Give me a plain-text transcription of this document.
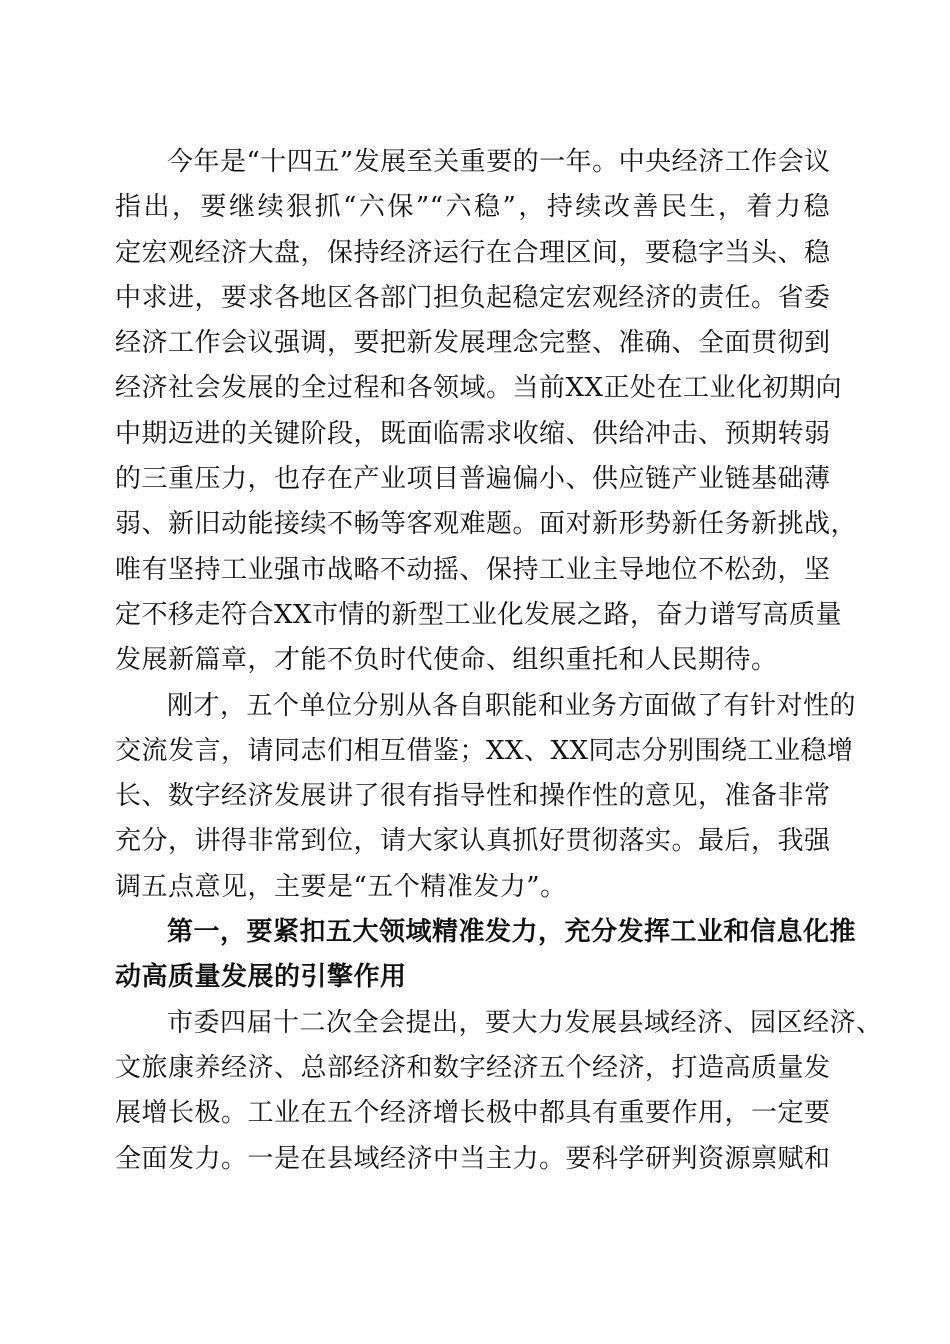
今年是“十四五”发展至关重要的一年。中央经济工作会议
指出，要继续狠抓“六保”“六稳”，持续改善民生，着力稳
定宏观经济大盘，保持经济运行在合理区间，要稳字当头、稳
中求进，要求各地区各部门担负起稳定宏观经济的责任。省委
经济工作会议强调，要把新发展理念完整、准确、全面贯彻到
经济社会发展的全过程和各领域。当前XX正处在工业化初期向
中期迈进的关键阶段，既面临需求收缩、供给冲击、预期转弱
的三重压力，也存在产业项目普遍偏小、供应链产业链基础薄
弱、新旧动能接续不畅等客观难题。面对新形势新任务新挑战，
唯有坚持工业强市战略不动摇、保持工业主导地位不松劲，坚
定不移走符合XX市情的新型工业化发展之路，奋力谱写高质量
发展新篇章，才能不负时代使命、组织重托和人民期待。

刚才，五个单位分别从各自职能和业务方面做了有针对性的
交流发言，请同志们相互借鉴；XX、XX同志分别围绕工业稳增
长、数字经济发展讲了很有指导性和操作性的意见，准备非常
充分，讲得非常到位，请大家认真抓好贯彻落实。最后，我强
调五点意见，主要是“五个精准发力”。

第一，要紧扣五大领域精准发力，充分发挥工业和信息化推
动高质量发展的引擎作用

市委四届十二次全会提出，要大力发展县域经济、园区经济、
文旅康养经济、总部经济和数字经济五个经济，打造高质量发
展增长极。工业在五个经济增长极中都具有重要作用，一定要
全面发力。一是在县域经济中当主力。要科学研判资源禀赋和
